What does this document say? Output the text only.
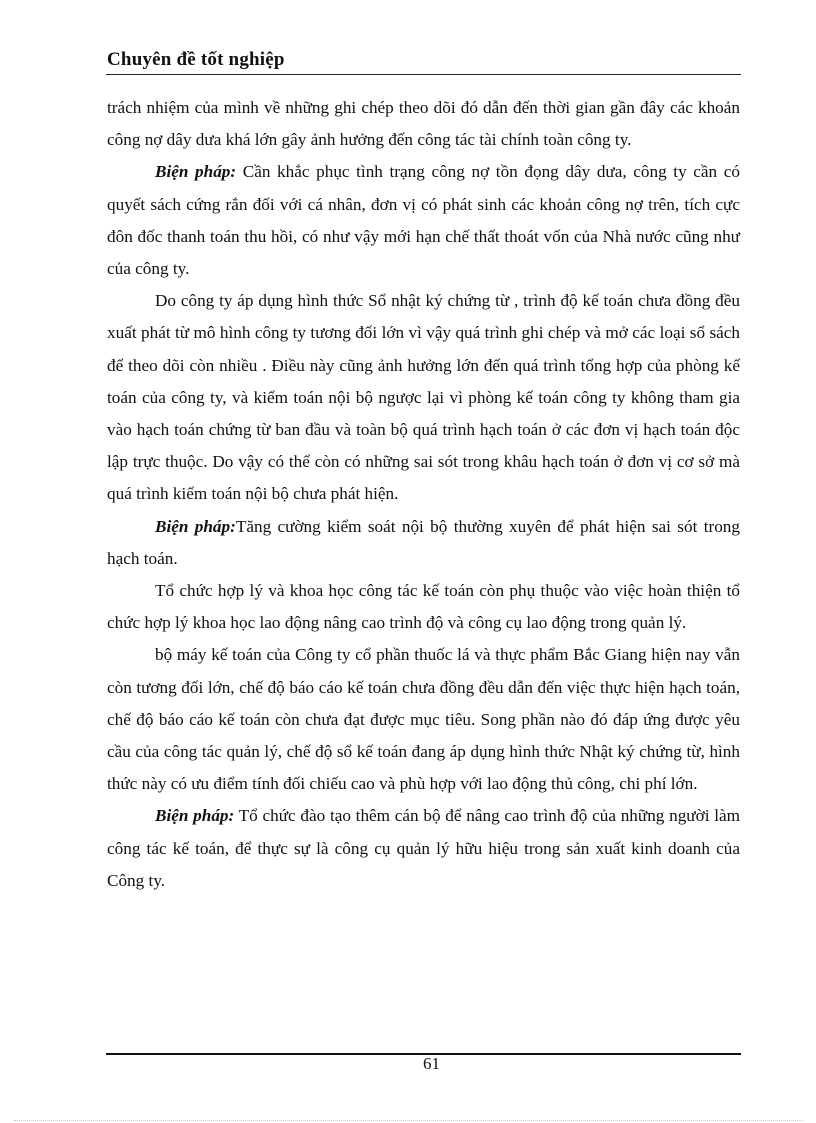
Chuyên đề tốt nghiệp

trách nhiệm của mình về những ghi chép theo dõi đó dẫn đến thời gian gần đây các khoản công nợ dây dưa khá lớn gây ảnh hưởng đến công tác tài chính toàn công ty.

Biện pháp: Cần khắc phục tình trạng công nợ tồn đọng dây dưa, công ty cần có quyết sách cứng rắn đối với cá nhân, đơn vị có phát sinh các khoản công nợ trên, tích cực đôn đốc thanh toán thu hồi, có như vậy mới hạn chế thất thoát vốn của Nhà nước cũng như của công ty.

Do công ty áp dụng hình thức Sổ nhật ký chứng từ , trình độ kế toán chưa đồng đều xuất phát từ mô hình công ty tương đối lớn vì vậy quá trình ghi chép và mở các loại sổ sách để theo dõi còn nhiều . Điều này cũng ảnh hưởng lớn đến quá trình tổng hợp của phòng kế toán của công ty, và kiểm toán nội bộ ngược lại vì phòng kế toán công ty không tham gia vào hạch toán chứng từ ban đầu và toàn bộ quá trình hạch toán ở các đơn vị hạch toán độc lập trực thuộc. Do vậy có thể còn có những sai sót trong khâu hạch toán ở đơn vị cơ sở mà quá trình kiểm toán nội bộ chưa phát hiện.

Biện pháp:Tăng cường kiểm soát nội bộ thường xuyên để phát hiện sai sót trong hạch toán.

Tổ chức hợp lý và khoa học công tác kế toán còn phụ thuộc vào việc hoàn thiện tổ chức hợp lý khoa học lao động nâng cao trình độ và công cụ lao động trong quản lý.

bộ máy kế toán của Công ty cổ phần thuốc lá và thực phẩm Bắc Giang hiện nay vẫn còn tương đối lớn, chế độ báo cáo kế toán chưa đồng đều dẫn đến việc thực hiện hạch toán, chế độ báo cáo kế toán còn chưa đạt được mục tiêu. Song phần nào đó đáp ứng được yêu cầu của công tác quản lý, chế độ sổ kế toán đang áp dụng hình thức Nhật ký chứng từ, hình thức này có ưu điểm tính đối chiếu cao và phù hợp với lao động thủ công, chi phí lớn.

Biện pháp: Tổ chức đào tạo thêm cán bộ để nâng cao trình độ của những người làm công tác kế toán, để thực sự là công cụ quản lý hữu hiệu trong sản xuất kinh doanh của Công ty.

61
